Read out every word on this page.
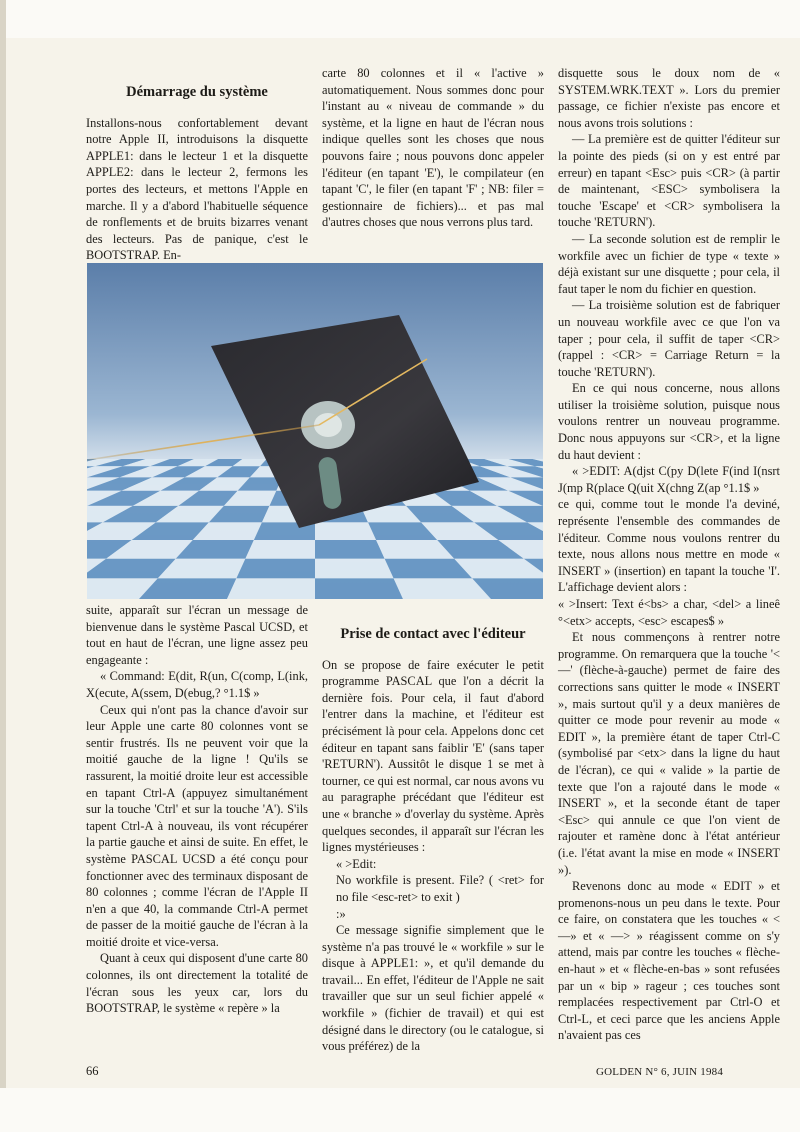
Démarrage du système

Installons-nous confortablement devant notre Apple II, introduisons la disquette APPLE1: dans le lecteur 1 et la disquette APPLE2: dans le lecteur 2, fermons les portes des lecteurs, et mettons l'Apple en marche. Il y a d'abord l'habituelle séquence de ronflements et de bruits bizarres venant des lecteurs. Pas de panique, c'est le BOOTSTRAP. En-

carte 80 colonnes et il « l'active » automatiquement. Nous sommes donc pour l'instant au « niveau de commande » du système, et la ligne en haut de l'écran nous indique quelles sont les choses que nous pouvons faire ; nous pouvons donc appeler l'éditeur (en tapant 'E'), le compilateur (en tapant 'C', le filer (en tapant 'F' ; NB: filer = gestionnaire de fichiers)... et pas mal d'autres choses que nous verrons plus tard.

disquette sous le doux nom de « SYSTEM.WRK.TEXT ». Lors du premier passage, ce fichier n'existe pas encore et nous avons trois solutions :

— La première est de quitter l'éditeur sur la pointe des pieds (si on y est entré par erreur) en tapant <Esc> puis <CR> (à partir de maintenant, <ESC> symbolisera la touche 'Escape' et <CR> symbolisera la touche 'RETURN').

— La seconde solution est de remplir le workfile avec un fichier de type « texte » déjà existant sur une disquette ; pour cela, il faut taper le nom du fichier en question.

— La troisième solution est de fabriquer un nouveau workfile avec ce que l'on va taper ; pour cela, il suffit de taper <CR> (rappel : <CR> = Carriage Return = la touche 'RETURN').

En ce qui nous concerne, nous allons utiliser la troisième solution, puisque nous voulons rentrer un nouveau programme. Donc nous appuyons sur <CR>, et la ligne du haut devient :

« >EDIT: A(djst C(py D(lete F(ind I(nsrt J(mp R(place Q(uit X(chng Z(ap °1.1$ »

ce qui, comme tout le monde l'a deviné, représente l'ensemble des commandes de l'éditeur. Comme nous voulons rentrer du texte, nous allons nous mettre en mode « INSERT » (insertion) en tapant la touche 'I'. L'affichage devient alors :

« >Insert: Text é<bs> a char, <del> a lineê °<etx> accepts, <esc> escapes$ »

Et nous commençons à rentrer notre programme. On remarquera que la touche '<—' (flèche-à-gauche) permet de faire des corrections sans quitter le mode « INSERT », mais surtout qu'il y a deux manières de quitter ce mode pour revenir au mode « EDIT », la première étant de taper Ctrl-C (symbolisé par <etx> dans la ligne du haut de l'écran), ce qui « valide » la partie de texte que l'on a rajouté dans le mode « INSERT », et la seconde étant de taper <Esc> qui annule ce que l'on vient de rajouter et ramène donc à l'état antérieur (i.e. l'état avant la mise en mode « INSERT »).

Revenons donc au mode « EDIT » et promenons-nous un peu dans le texte. Pour ce faire, on constatera que les touches « <—» et « —> » réagissent comme on s'y attend, mais par contre les touches « flèche-en-haut » et « flèche-en-bas » sont refusées par un « bip » rageur ; ces touches sont remplacées respectivement par Ctrl-O et Ctrl-L, et ceci parce que les anciens Apple n'avaient pas ces

suite, apparaît sur l'écran un message de bienvenue dans le système Pascal UCSD, et tout en haut de l'écran, une ligne assez peu engageante :

« Command: E(dit, R(un, C(comp, L(ink, X(ecute, A(ssem, D(ebug,? °1.1$ »

Ceux qui n'ont pas la chance d'avoir sur leur Apple une carte 80 colonnes vont se sentir frustrés. Ils ne peuvent voir que la moitié gauche de la ligne ! Qu'ils se rassurent, la moitié droite leur est accessible en tapant Ctrl-A (appuyez simultanément sur la touche 'Ctrl' et sur la touche 'A'). S'ils tapent Ctrl-A à nouveau, ils vont récupérer la partie gauche et ainsi de suite. En effet, le système PASCAL UCSD a été conçu pour fonctionner avec des terminaux disposant de 80 colonnes ; comme l'écran de l'Apple II n'en a que 40, la commande Ctrl-A permet de passer de la moitié gauche de l'écran à la moitié droite et vice-versa.

Quant à ceux qui disposent d'une carte 80 colonnes, ils ont directement la totalité de l'écran sous les yeux car, lors du BOOTSTRAP, le système « repère » la

Prise de contact avec l'éditeur

On se propose de faire exécuter le petit programme PASCAL que l'on a décrit la dernière fois. Pour cela, il faut d'abord l'entrer dans la machine, et l'éditeur est précisément là pour cela. Appelons donc cet éditeur en tapant sans faiblir 'E' (sans taper 'RETURN'). Aussitôt le disque 1 se met à tourner, ce qui est normal, car nous avons vu au paragraphe précédant que l'éditeur est une « branche » d'overlay du système. Après quelques secondes, il apparaît sur l'écran les lignes mystérieuses :

« >Edit:

No workfile is present. File? ( <ret> for no file <esc-ret> to exit )

:»

Ce message signifie simplement que le système n'a pas trouvé le « workfile » sur le disque à APPLE1: », et qu'il demande du travail... En effet, l'éditeur de l'Apple ne sait travailler que sur un seul fichier appelé « workfile » (fichier de travail) et qui est désigné dans le directory (ou le catalogue, si vous préférez) de la

66	GOLDEN N° 6, JUIN 1984
